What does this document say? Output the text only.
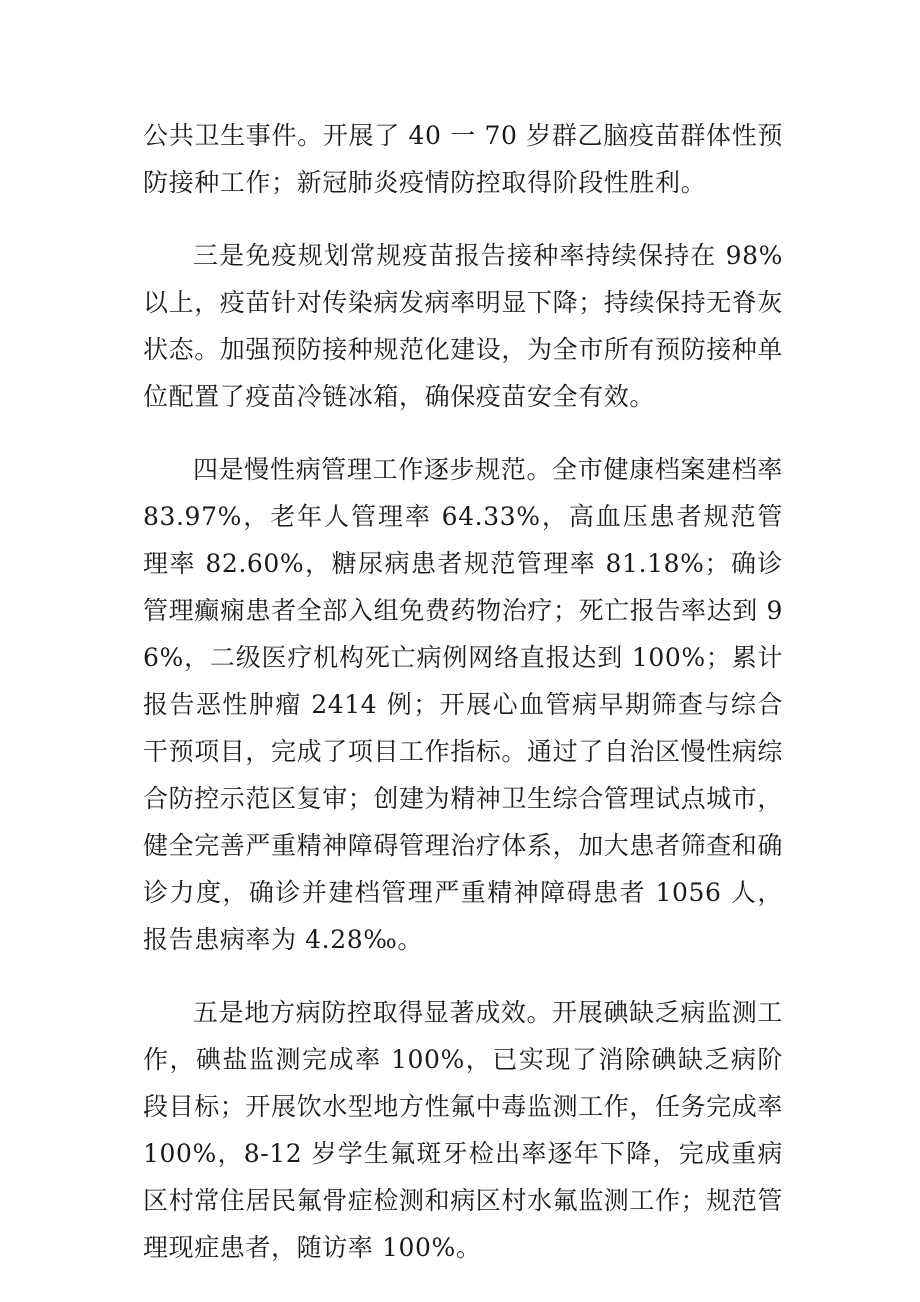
公共卫生事件。开展了 40 一 70 岁群乙脑疫苗群体性预防接种工作；新冠肺炎疫情防控取得阶段性胜利。

三是免疫规划常规疫苗报告接种率持续保持在 98%以上，疫苗针对传染病发病率明显下降；持续保持无脊灰状态。加强预防接种规范化建设，为全市所有预防接种单位配置了疫苗冷链冰箱，确保疫苗安全有效。

四是慢性病管理工作逐步规范。全市健康档案建档率 83.97%，老年人管理率 64.33%，高血压患者规范管理率 82.60%，糖尿病患者规范管理率 81.18%；确诊管理癫痫患者全部入组免费药物治疗；死亡报告率达到 96%，二级医疗机构死亡病例网络直报达到 100%；累计报告恶性肿瘤 2414 例；开展心血管病早期筛查与综合干预项目，完成了项目工作指标。通过了自治区慢性病综合防控示范区复审；创建为精神卫生综合管理试点城市，健全完善严重精神障碍管理治疗体系，加大患者筛查和确诊力度，确诊并建档管理严重精神障碍患者 1056 人，报告患病率为 4.28‰。

五是地方病防控取得显著成效。开展碘缺乏病监测工作，碘盐监测完成率 100%，已实现了消除碘缺乏病阶段目标；开展饮水型地方性氟中毒监测工作，任务完成率 100%，8-12 岁学生氟斑牙检出率逐年下降，完成重病区村常住居民氟骨症检测和病区村水氟监测工作；规范管理现症患者，随访率 100%。
